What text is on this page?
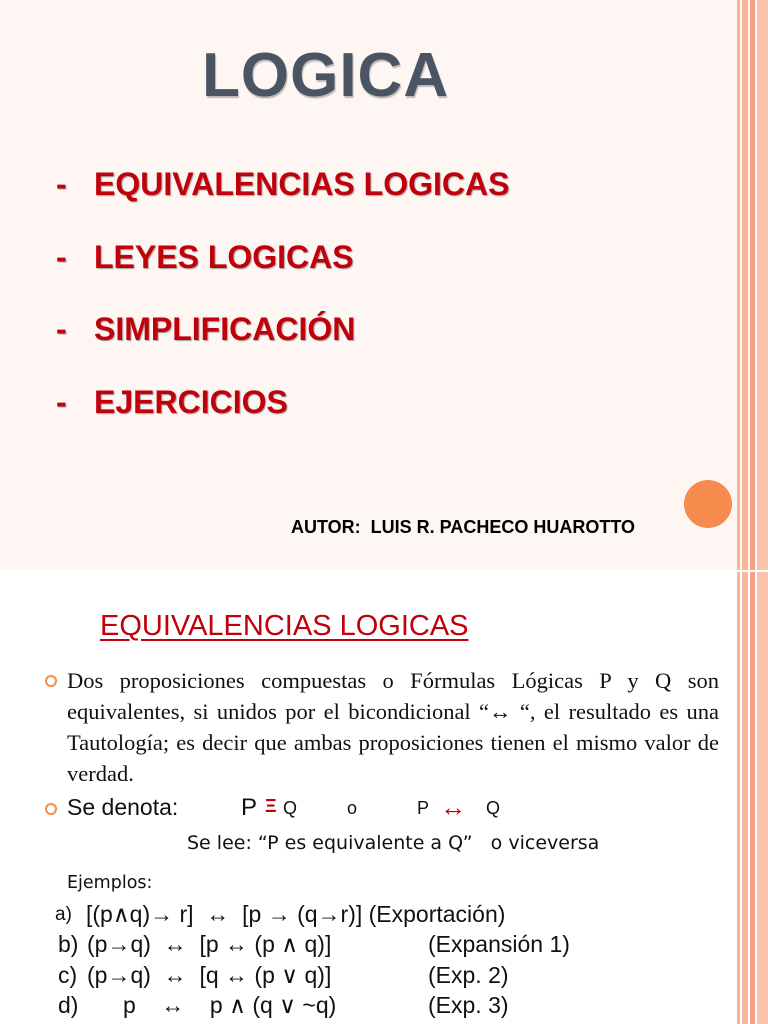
LOGICA
- EQUIVALENCIAS LOGICAS
- LEYES LOGICAS
- SIMPLIFICACIÓN
- EJERCICIOS
AUTOR:  LUIS R. PACHECO HUAROTTO
EQUIVALENCIAS LOGICAS

Dos proposiciones compuestas o Fórmulas Lógicas P y Q son equivalentes, si unidos por el bicondicional “↔ “, el resultado es una Tautología; es decir que ambas proposiciones tienen el mismo valor de verdad.

Se denota:	P Ξ Q	o	P ↔ Q
Se lee: “P es equivalente a Q”   o viceversa
Ejemplos:
a) [(p∧q)→ r]  ↔  [p → (q→r)] (Exportación)
b) (p→q)  ↔  [p ↔ (p ∧ q)]	(Expansión 1)
c) (p→q)  ↔  [q ↔ (p ∨ q)]	(Exp. 2)
d) p    ↔    p ∧ (q ∨ ~q)	(Exp. 3)
